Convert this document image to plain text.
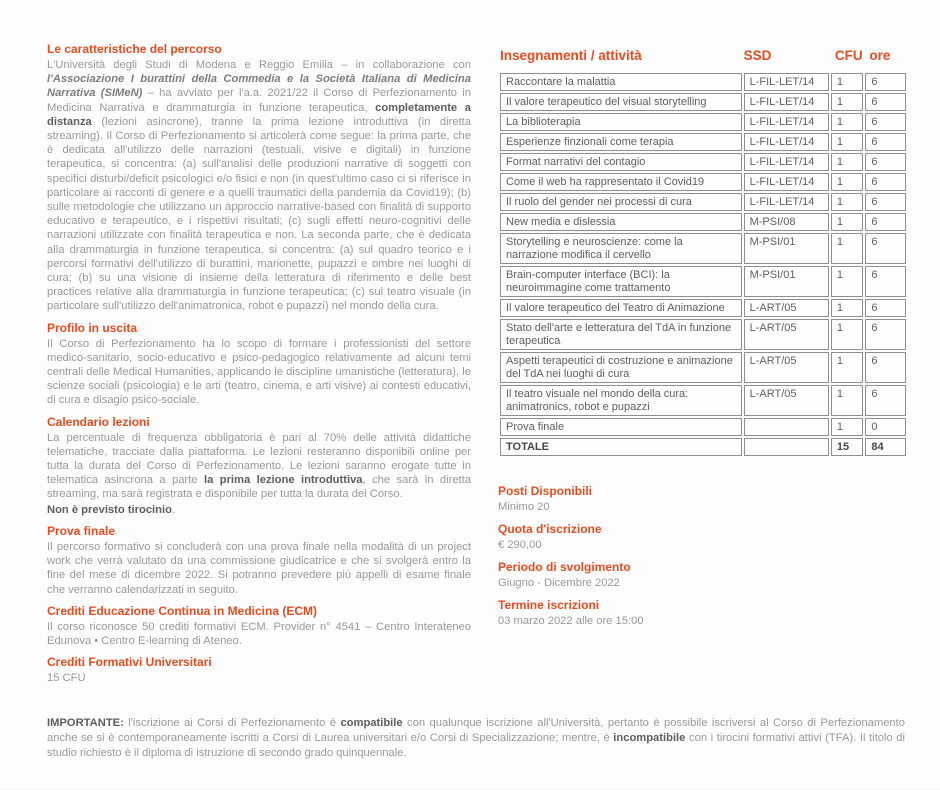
Le caratteristiche del percorso

L'Università degli Studi di Modena e Reggio Emilia – in collaborazione con l'Associazione I burattini della Commedia e la Società Italiana di Medicina Narrativa (SIMeN) – ha avviato per l'a.a. 2021/22 il Corso di Perfezionamento in Medicina Narrativa e drammaturgia in funzione terapeutica, completamente a distanza (lezioni asincrone), tranne la prima lezione introduttiva (in diretta streaming). Il Corso di Perfezionamento si articolerà come segue: la prima parte, che è dedicata all'utilizzo delle narrazioni (testuali, visive e digitali) in funzione terapeutica, si concentra: (a) sull'analisi delle produzioni narrative di soggetti con specifici disturbi/deficit psicologici e/o fisici e non (in quest'ultimo caso ci si riferisce in particolare ai racconti di genere e a quelli traumatici della pandemia da Covid19); (b) sulle metodologie che utilizzano un approccio narrative-based con finalità di supporto educativo e terapeutico, e i rispettivi risultati; (c) sugli effetti neuro-cognitivi delle narrazioni utilizzate con finalità terapeutica e non. La seconda parte, che è dedicata alla drammaturgia in funzione terapeutica, si concentra: (a) sul quadro teorico e i percorsi formativi dell'utilizzo di burattini, marionette, pupazzi e ombre nei luoghi di cura; (b) su una visione di insieme della letteratura di riferimento e delle best practices relative alla drammaturgia in funzione terapeutica; (c) sul teatro visuale (in particolare sull'utilizzo dell'animatronica, robot e pupazzi) nel mondo della cura.

Profilo in uscita

Il Corso di Perfezionamento ha lo scopo di formare i professionisti del settore medico-sanitario, socio-educativo e psico-pedagogico relativamente ad alcuni temi centrali delle Medical Humanities, applicando le discipline umanistiche (letteratura), le scienze sociali (psicologia) e le arti (teatro, cinema, e arti visive) ai contesti educativi, di cura e disagio psico-sociale.

Calendario lezioni

La percentuale di frequenza obbligatoria è pari al 70% delle attività didattiche telematiche, tracciate dalla piattaforma. Le lezioni resteranno disponibili online per tutta la durata del Corso di Perfezionamento. Le lezioni saranno erogate tutte in telematica asincrona a parte la prima lezione introduttiva, che sarà in diretta streaming, ma sarà registrata e disponibile per tutta la durata del Corso.

Non è previsto tirocinio.

Prova finale

Il percorso formativo si concluderà con una prova finale nella modalità di un project work che verrà valutato da una commissione giudicatrice e che si svolgerà entro la fine del mese di dicembre 2022. Si potranno prevedere più appelli di esame finale che verranno calendarizzati in seguito.

Crediti Educazione Continua in Medicina (ECM)

Il corso riconosce 50 crediti formativi ECM. Provider n° 4541 – Centro Interateneo Edunova • Centro E-learning di Ateneo.

Crediti Formativi Universitari

15 CFU

Insegnamenti / attività	SSD	CFU	ore
Raccontare la malattia	L-FIL-LET/14	1	6
Il valore terapeutico del visual storytelling	L-FIL-LET/14	1	6
La biblioterapia	L-FIL-LET/14	1	6
Esperienze finzionali come terapia	L-FIL-LET/14	1	6
Format narrativi del contagio	L-FIL-LET/14	1	6
Come il web ha rappresentato il Covid19	L-FIL-LET/14	1	6
Il ruolo del gender nei processi di cura	L-FIL-LET/14	1	6
New media e dislessia	M-PSI/08	1	6
Storytelling e neuroscienze: come la narrazione modifica il cervello	M-PSI/01	1	6
Brain-computer interface (BCI): la neuroimmagine come trattamento	M-PSI/01	1	6
Il valore terapeutico del Teatro di Animazione	L-ART/05	1	6
Stato dell'arte e letteratura del TdA in funzione terapeutica	L-ART/05	1	6
Aspetti terapeutici di costruzione e animazione del TdA nei luoghi di cura	L-ART/05	1	6
Il teatro visuale nel mondo della cura: animatronics, robot e pupazzi	L-ART/05	1	6
Prova finale		1	0
TOTALE		15	84
Posti Disponibili

Minimo 20

Quota d'iscrizione

€ 290,00

Periodo di svolgimento

Giugno - Dicembre 2022

Termine iscrizioni

03 marzo 2022 alle ore 15:00

IMPORTANTE: l'iscrizione ai Corsi di Perfezionamento è compatibile con qualunque iscrizione all'Università, pertanto è possibile iscriversi al Corso di Perfezionamento anche se si è contemporaneamente iscritti a Corsi di Laurea universitari e/o Corsi di Specializzazione; mentre, è incompatibile con i tirocini formativi attivi (TFA). Il titolo di studio richiesto è il diploma di istruzione di secondo grado quinquennale.
